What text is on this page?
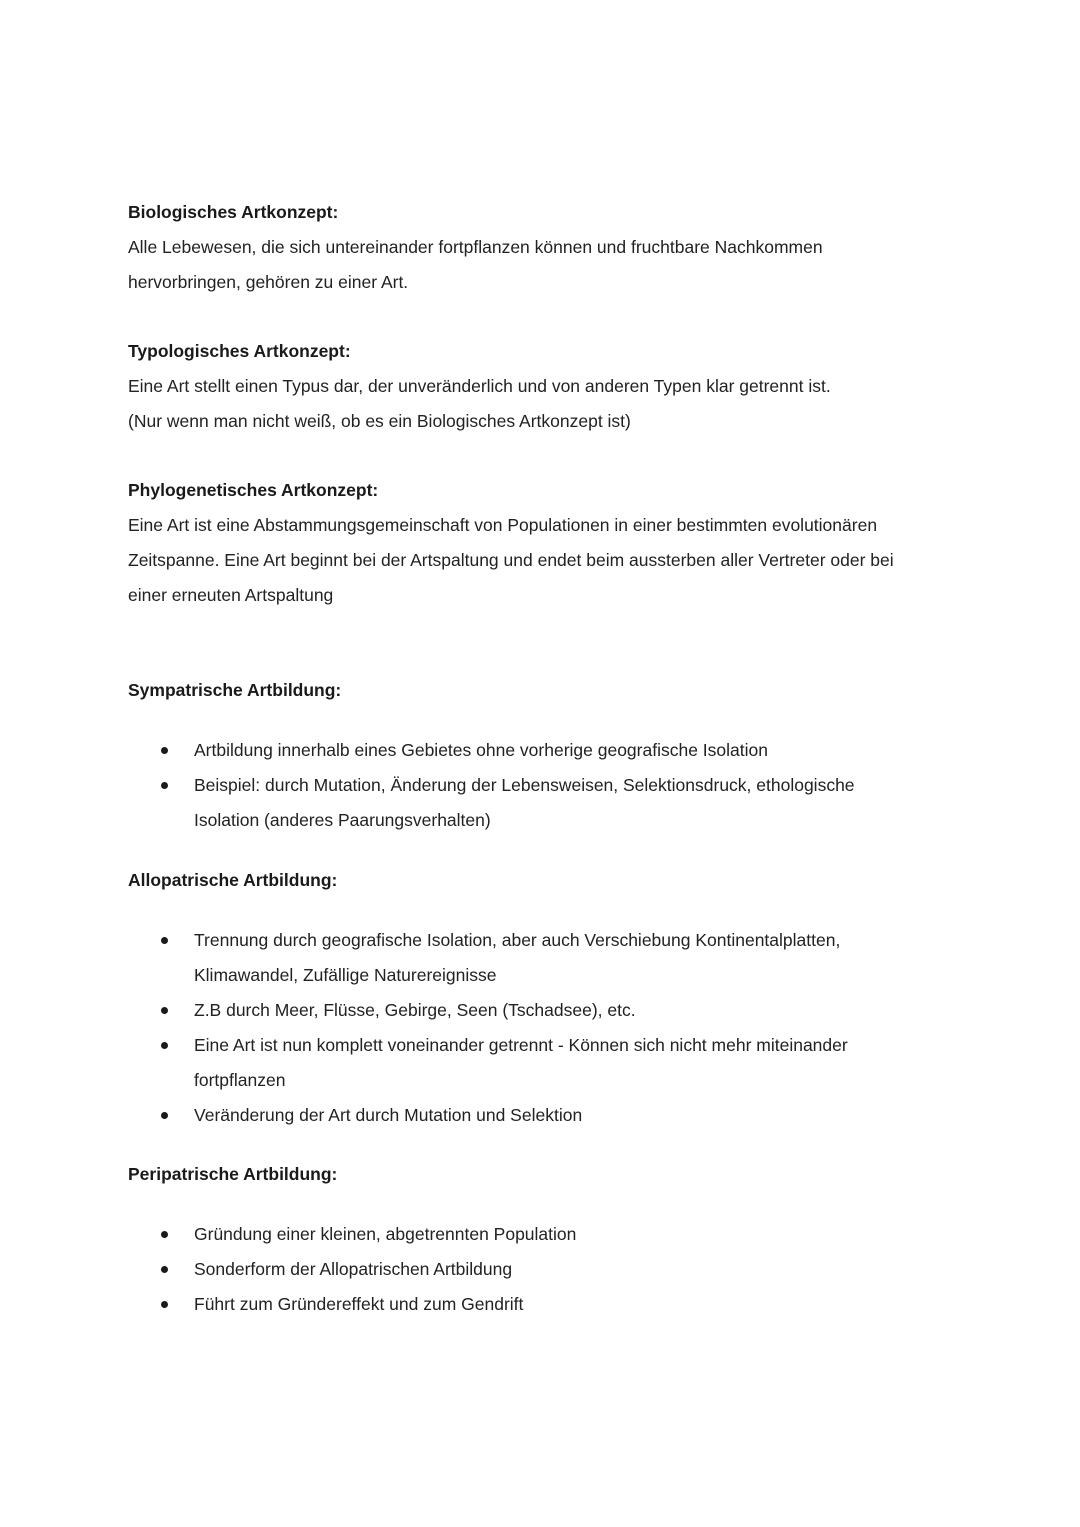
Biologisches Artkonzept:

Alle Lebewesen, die sich untereinander fortpflanzen können und fruchtbare Nachkommen

hervorbringen, gehören zu einer Art.

Typologisches Artkonzept:

Eine Art stellt einen Typus dar, der unveränderlich und von anderen Typen klar getrennt ist.

(Nur wenn man nicht weiß, ob es ein Biologisches Artkonzept ist)

Phylogenetisches Artkonzept:

Eine Art ist eine Abstammungsgemeinschaft von Populationen in einer bestimmten evolutionären

Zeitspanne. Eine Art beginnt bei der Artspaltung und endet beim aussterben aller Vertreter oder bei

einer erneuten Artspaltung

Sympatrische Artbildung:

Artbildung innerhalb eines Gebietes ohne vorherige geografische Isolation
Beispiel: durch Mutation, Änderung der Lebensweisen, Selektionsdruck, ethologische
Isolation (anderes Paarungsverhalten)

Allopatrische Artbildung:

Trennung durch geografische Isolation, aber auch Verschiebung Kontinentalplatten,
Klimawandel, Zufällige Naturereignisse
Z.B durch Meer, Flüsse, Gebirge, Seen (Tschadsee), etc.
Eine Art ist nun komplett voneinander getrennt - Können sich nicht mehr miteinander
fortpflanzen
Veränderung der Art durch Mutation und Selektion

Peripatrische Artbildung:

Gründung einer kleinen, abgetrennten Population
Sonderform der Allopatrischen Artbildung
Führt zum Gründereffekt und zum Gendrift
